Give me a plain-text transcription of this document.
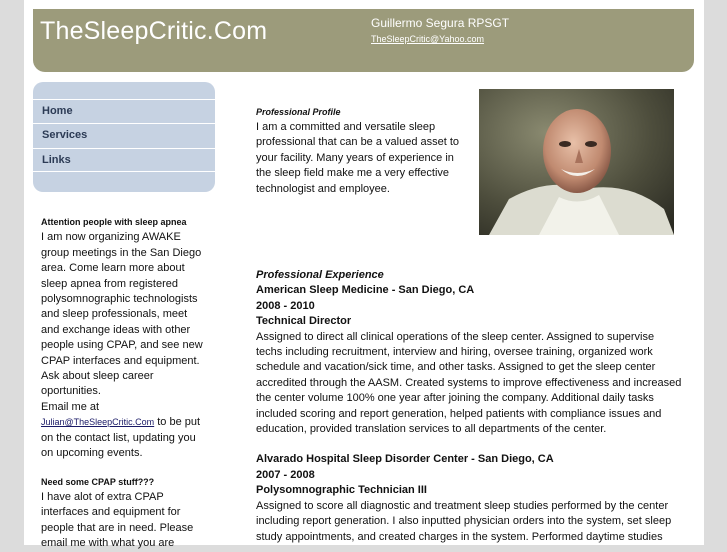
TheSleepCritic.Com	Guillermo Segura RPSGT
TheSleepCritic@Yahoo.com
Home
Services
Links
Attention people with sleep apnea
I am now organizing AWAKE
group meetings in the San Diego
area. Come learn more about
sleep apnea from registered
polysomnographic technologists
and sleep professionals, meet
and exchange ideas with other
people using CPAP, and see new
CPAP interfaces and equipment.
Ask about sleep career
oportunities.
Email me at
Julian@TheSleepCritic.Com to be put
on the contact list, updating you
on upcoming events.
Need some CPAP stuff???
I have alot of extra CPAP
interfaces and equipment for
people that are in need. Please
email me with what you are
Professional Profile
I am a committed and versatile sleep
professional that can be a valued asset to
your facility. Many years of experience in
the sleep field make me a very effective
technologist and employee.
Professional Experience
American Sleep Medicine - San Diego, CA
2008 - 2010
Technical Director
Assigned to direct all clinical operations of the sleep center. Assigned to supervise
techs including recruitment, interview and hiring, oversee training, organized work
schedule and vacation/sick time, and other tasks. Assigned to get the sleep center
accredited through the AASM. Created systems to improve effectiveness and increased
the center volume 100% one year after joining the company. Additional daily tasks
included scoring and report generation, helped patients with compliance issues and
education, provided translation services to all departments of the center.
Alvarado Hospital Sleep Disorder Center - San Diego, CA
2007 - 2008
Polysomnographic Technician III
Assigned to score all diagnostic and treatment sleep studies performed by the center
including report generation. I also inputted physician orders into the system, set sleep
study appointments, and created charges in the system. Performed daytime studies
